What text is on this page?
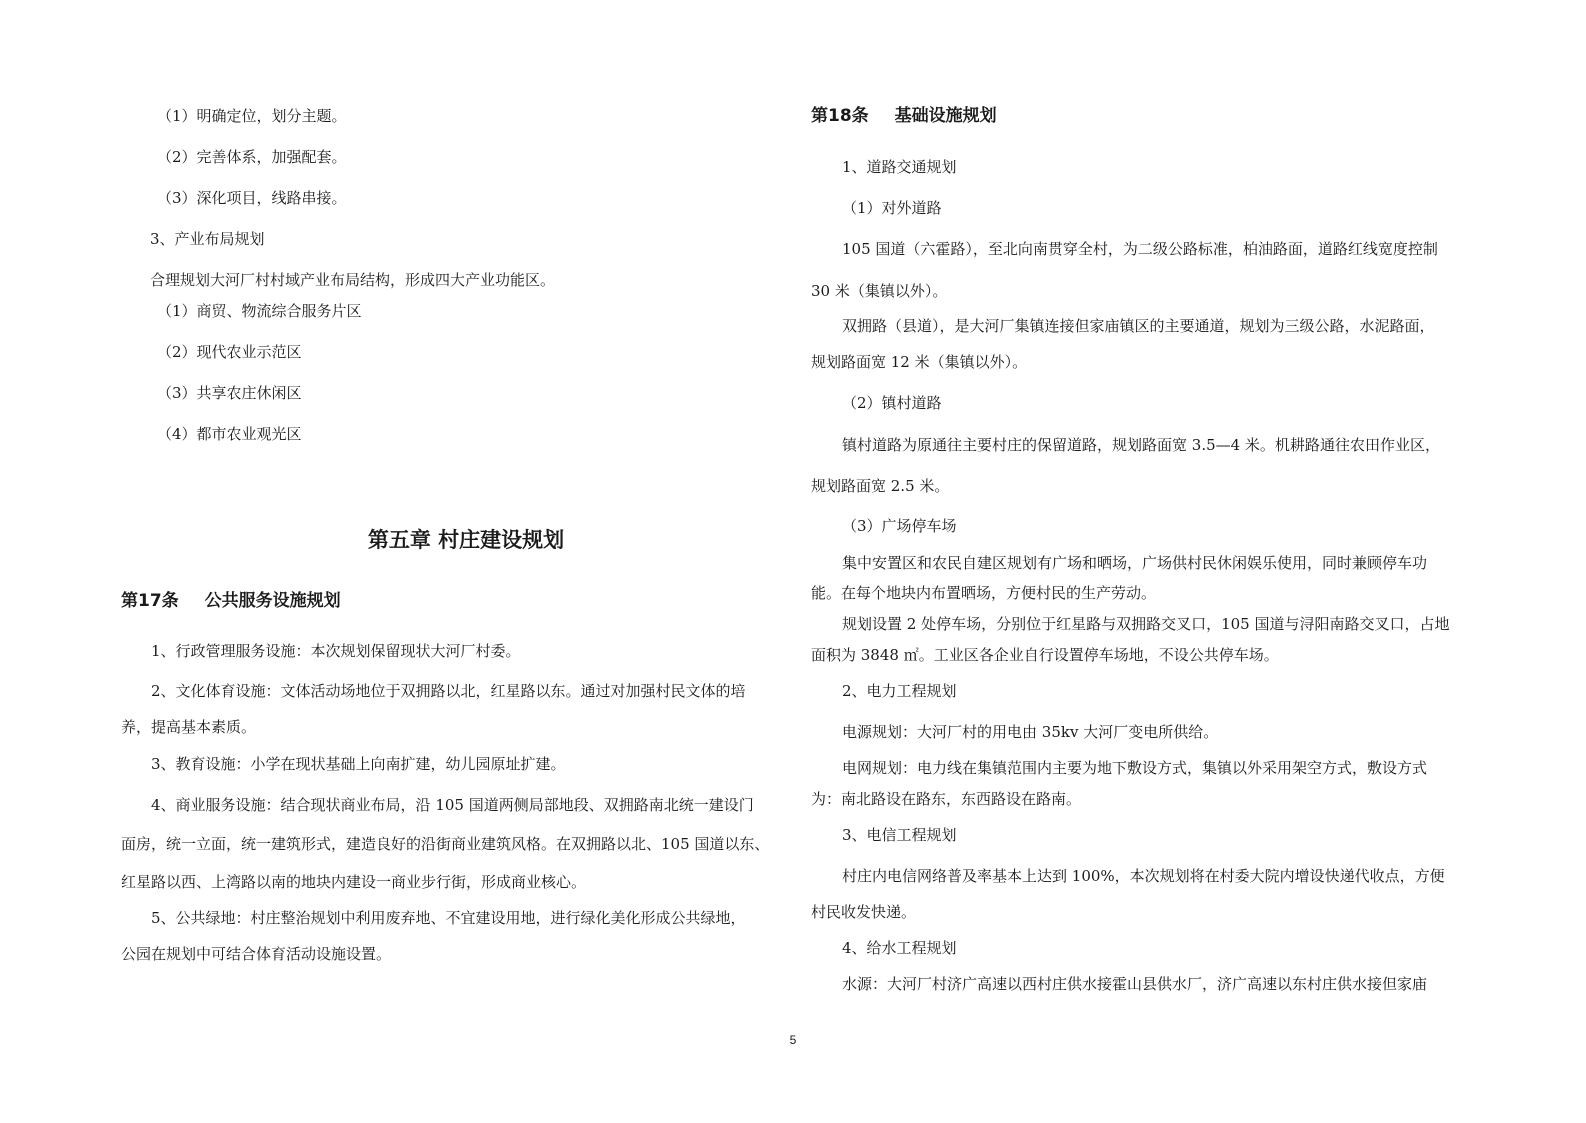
（1）明确定位，划分主题。
（2）完善体系，加强配套。
（3）深化项目，线路串接。
3、产业布局规划
合理规划大河厂村村域产业布局结构，形成四大产业功能区。
（1）商贸、物流综合服务片区
（2）现代农业示范区
（3）共享农庄休闲区
（4）都市农业观光区
第五章 村庄建设规划
第17条 公共服务设施规划
1、行政管理服务设施：本次规划保留现状大河厂村委。
2、文化体育设施：文体活动场地位于双拥路以北，红星路以东。通过对加强村民文体的培
养，提高基本素质。
3、教育设施：小学在现状基础上向南扩建，幼儿园原址扩建。
4、商业服务设施：结合现状商业布局，沿 105 国道两侧局部地段、双拥路南北统一建设门
面房，统一立面，统一建筑形式，建造良好的沿街商业建筑风格。在双拥路以北、105 国道以东、
红星路以西、上湾路以南的地块内建设一商业步行街，形成商业核心。
5、公共绿地：村庄整治规划中利用废弃地、不宜建设用地，进行绿化美化形成公共绿地，
公园在规划中可结合体育活动设施设置。
第18条 基础设施规划
1、道路交通规划
（1）对外道路
105 国道（六霍路），至北向南贯穿全村，为二级公路标准，柏油路面，道路红线宽度控制
30 米（集镇以外）。
双拥路（县道），是大河厂集镇连接但家庙镇区的主要通道，规划为三级公路，水泥路面，
规划路面宽 12 米（集镇以外）。
（2）镇村道路
镇村道路为原通往主要村庄的保留道路，规划路面宽 3.5—4 米。机耕路通往农田作业区，
规划路面宽 2.5 米。
（3）广场停车场
集中安置区和农民自建区规划有广场和晒场，广场供村民休闲娱乐使用，同时兼顾停车功
能。在每个地块内布置晒场，方便村民的生产劳动。
规划设置 2 处停车场，分别位于红星路与双拥路交叉口，105 国道与浔阳南路交叉口，占地
面积为 3848 ㎡。工业区各企业自行设置停车场地，不设公共停车场。
2、电力工程规划
电源规划：大河厂村的用电由 35kv 大河厂变电所供给。
电网规划：电力线在集镇范围内主要为地下敷设方式，集镇以外采用架空方式，敷设方式
为：南北路设在路东，东西路设在路南。
3、电信工程规划
村庄内电信网络普及率基本上达到 100%，本次规划将在村委大院内增设快递代收点，方便
村民收发快递。
4、给水工程规划
水源：大河厂村济广高速以西村庄供水接霍山县供水厂，济广高速以东村庄供水接但家庙
5
